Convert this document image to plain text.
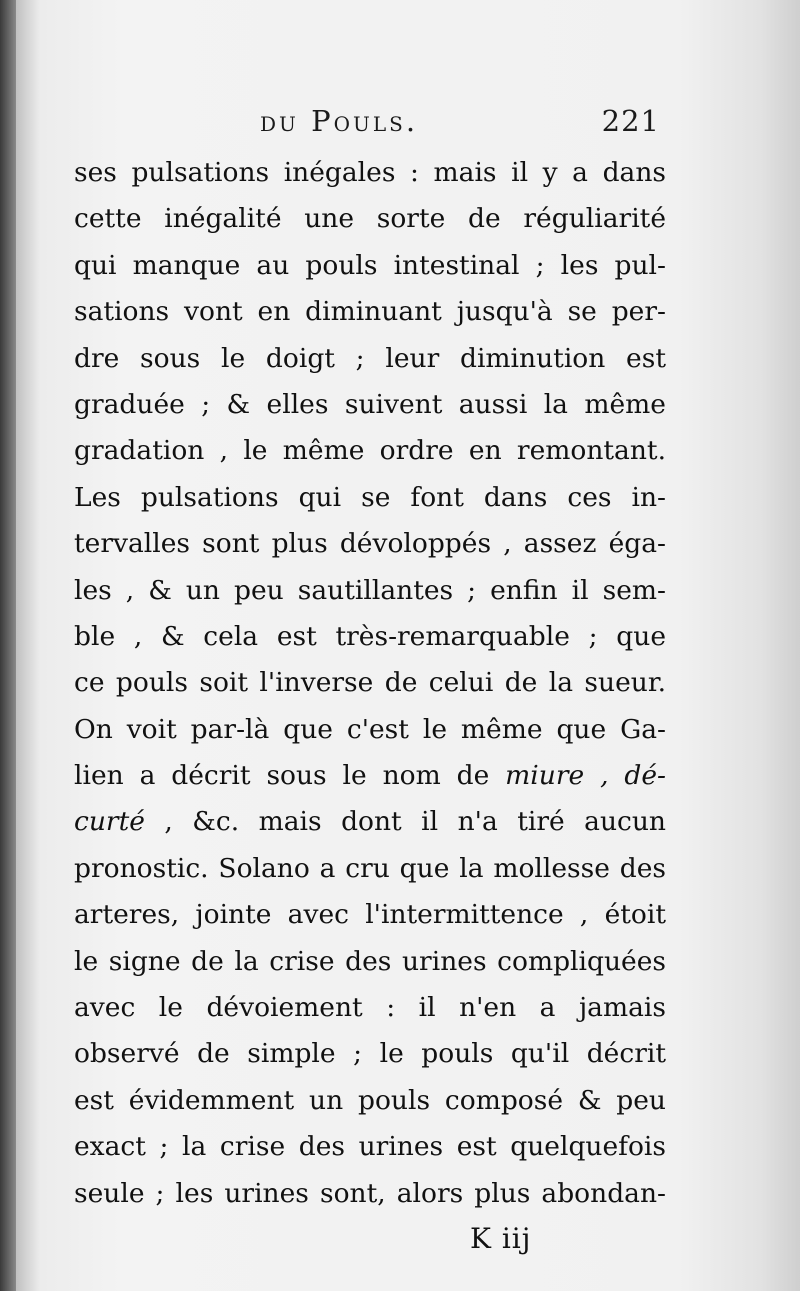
du Pouls.	221
ses pulsations inégales : mais il y a dans
cette inégalité une sorte de réguliarité
qui manque au pouls intestinal ; les pul-
sations vont en diminuant jusqu'à se per-
dre sous le doigt ; leur diminution est
graduée ; & elles suivent aussi la même
gradation , le même ordre en remontant.
Les pulsations qui se font dans ces in-
tervalles sont plus dévoloppés , assez éga-
les , & un peu sautillantes ; enfin il sem-
ble , & cela est très-remarquable ; que
ce pouls soit l'inverse de celui de la sueur.
On voit par-là que c'est le même que Ga-
lien a décrit sous le nom de miure , dé-
curté , &c. mais dont il n'a tiré aucun
pronostic. Solano a cru que la mollesse des
arteres, jointe avec l'intermittence , étoit
le signe de la crise des urines compliquées
avec le dévoiement : il n'en a jamais
observé de simple ; le pouls qu'il décrit
est évidemment un pouls composé & peu
exact ; la crise des urines est quelquefois
seule ; les urines sont, alors plus abondan-
K iij
